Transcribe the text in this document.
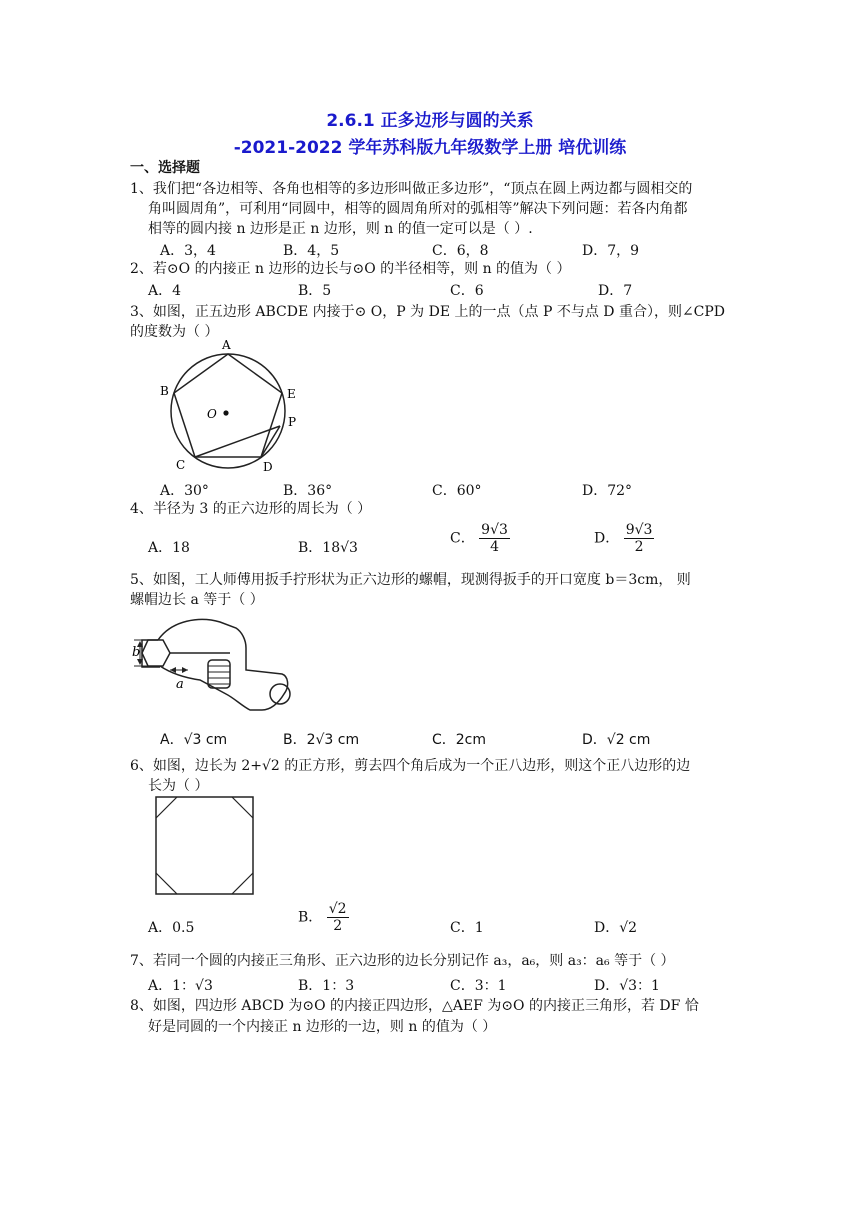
2.6.1 正多边形与圆的关系
-2021-2022 学年苏科版九年级数学上册 培优训练
一、选择题
1、我们把“各边相等、各角也相等的多边形叫做正多边形”，“顶点在圆上两边都与圆相交的
角叫圆周角”，可利用“同圆中，相等的圆周角所对的弧相等”解决下列问题：若各内角都
相等的圆内接 n 边形是正 n 边形，则 n 的值一定可以是（ ）.
A．3，4	B．4，5	C．6，8	D．7，9
2、若⊙O 的内接正 n 边形的边长与⊙O 的半径相等，则 n 的值为（ ）
A．4	B．5	C．6	D．7
3、如图，正五边形 ABCDE 内接于⊙ O，P 为 DE 上的一点（点 P 不与点 D 重合），则∠CPD
的度数为（ ）
A
B	E
P
C	D
O
A．30°	B．36°	C．60°	D．72°
4、半径为 3 的正六边形的周长为（ ）
A．18	B．18√3
C． $\frac{9√3}{4}$	D． $\frac{9√3}{2}$
5、如图，工人师傅用扳手拧形状为正六边形的螺帽，现测得扳手的开口宽度 b＝3cm， 则
螺帽边长 a 等于（ ）
b
a
A．√3 cm	B．2√3 cm	C．2cm	D．√2 cm
6、如图，边长为 2+√2 的正方形，剪去四个角后成为一个正八边形，则这个正八边形的边
长为（ ）
A．0.5
B． $\frac{√2}{2}$	C．1	D．√2
7、若同一个圆的内接正三角形、正六边形的边长分别记作 a₃，a₆，则 a₃：a₆ 等于（ ）
A．1：√3	B．1：3	C．3：1	D．√3：1
8、如图，四边形 ABCD 为⊙O 的内接正四边形，△AEF 为⊙O 的内接正三角形，若 DF 恰
好是同圆的一个内接正 n 边形的一边，则 n 的值为（ ）
